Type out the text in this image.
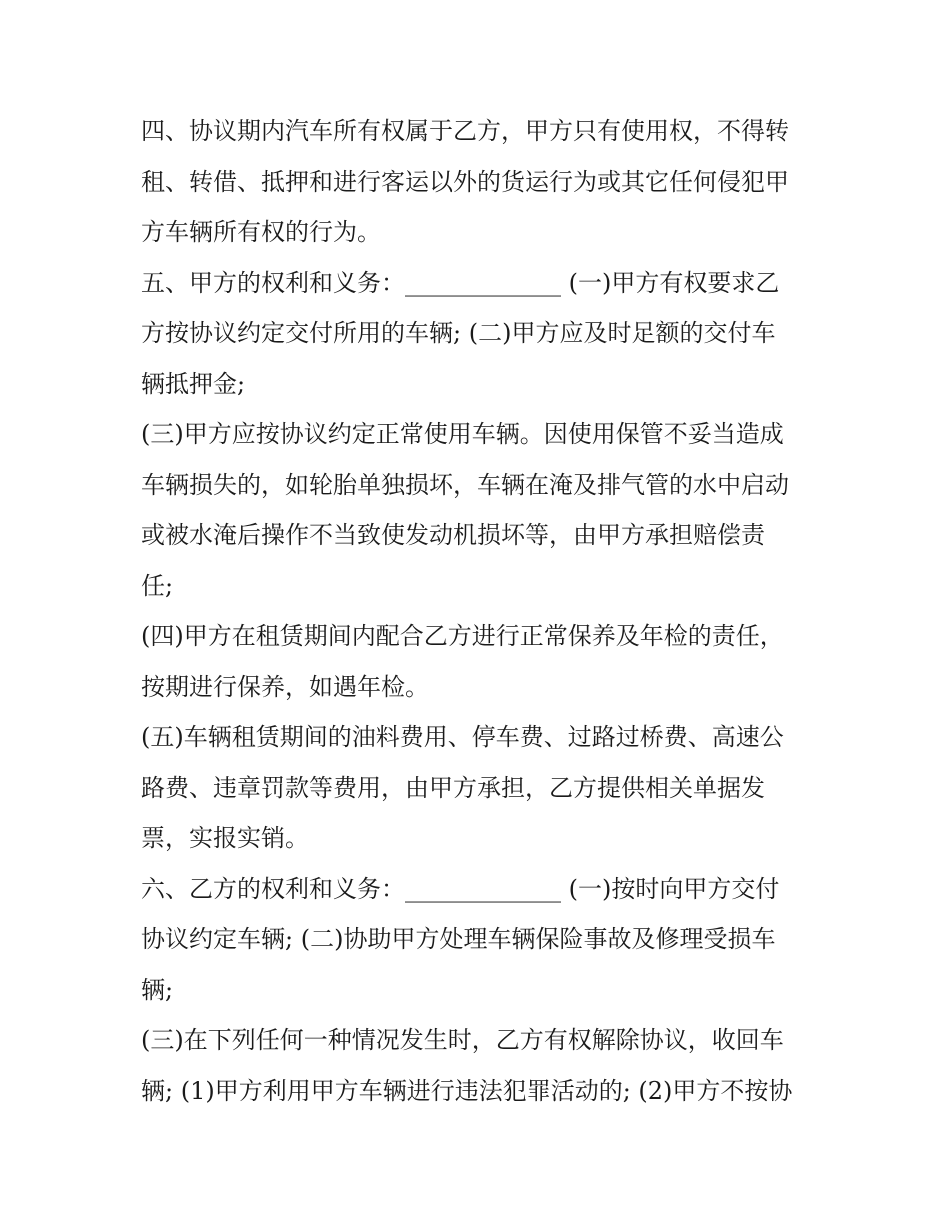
四、协议期内汽车所有权属于乙方，甲方只有使用权，不得转
租、转借、抵押和进行客运以外的货运行为或其它任何侵犯甲
方车辆所有权的行为。
五、甲方的权利和义务：_____________ (一)甲方有权要求乙
方按协议约定交付所用的车辆; (二)甲方应及时足额的交付车
辆抵押金;
(三)甲方应按协议约定正常使用车辆。因使用保管不妥当造成
车辆损失的，如轮胎单独损坏，车辆在淹及排气管的水中启动
或被水淹后操作不当致使发动机损坏等，由甲方承担赔偿责
任;
(四)甲方在租赁期间内配合乙方进行正常保养及年检的责任，
按期进行保养，如遇年检。
(五)车辆租赁期间的油料费用、停车费、过路过桥费、高速公
路费、违章罚款等费用，由甲方承担，乙方提供相关单据发
票，实报实销。
六、乙方的权利和义务：_____________ (一)按时向甲方交付
协议约定车辆; (二)协助甲方处理车辆保险事故及修理受损车
辆;
(三)在下列任何一种情况发生时，乙方有权解除协议，收回车
辆; (1)甲方利用甲方车辆进行违法犯罪活动的; (2)甲方不按协
